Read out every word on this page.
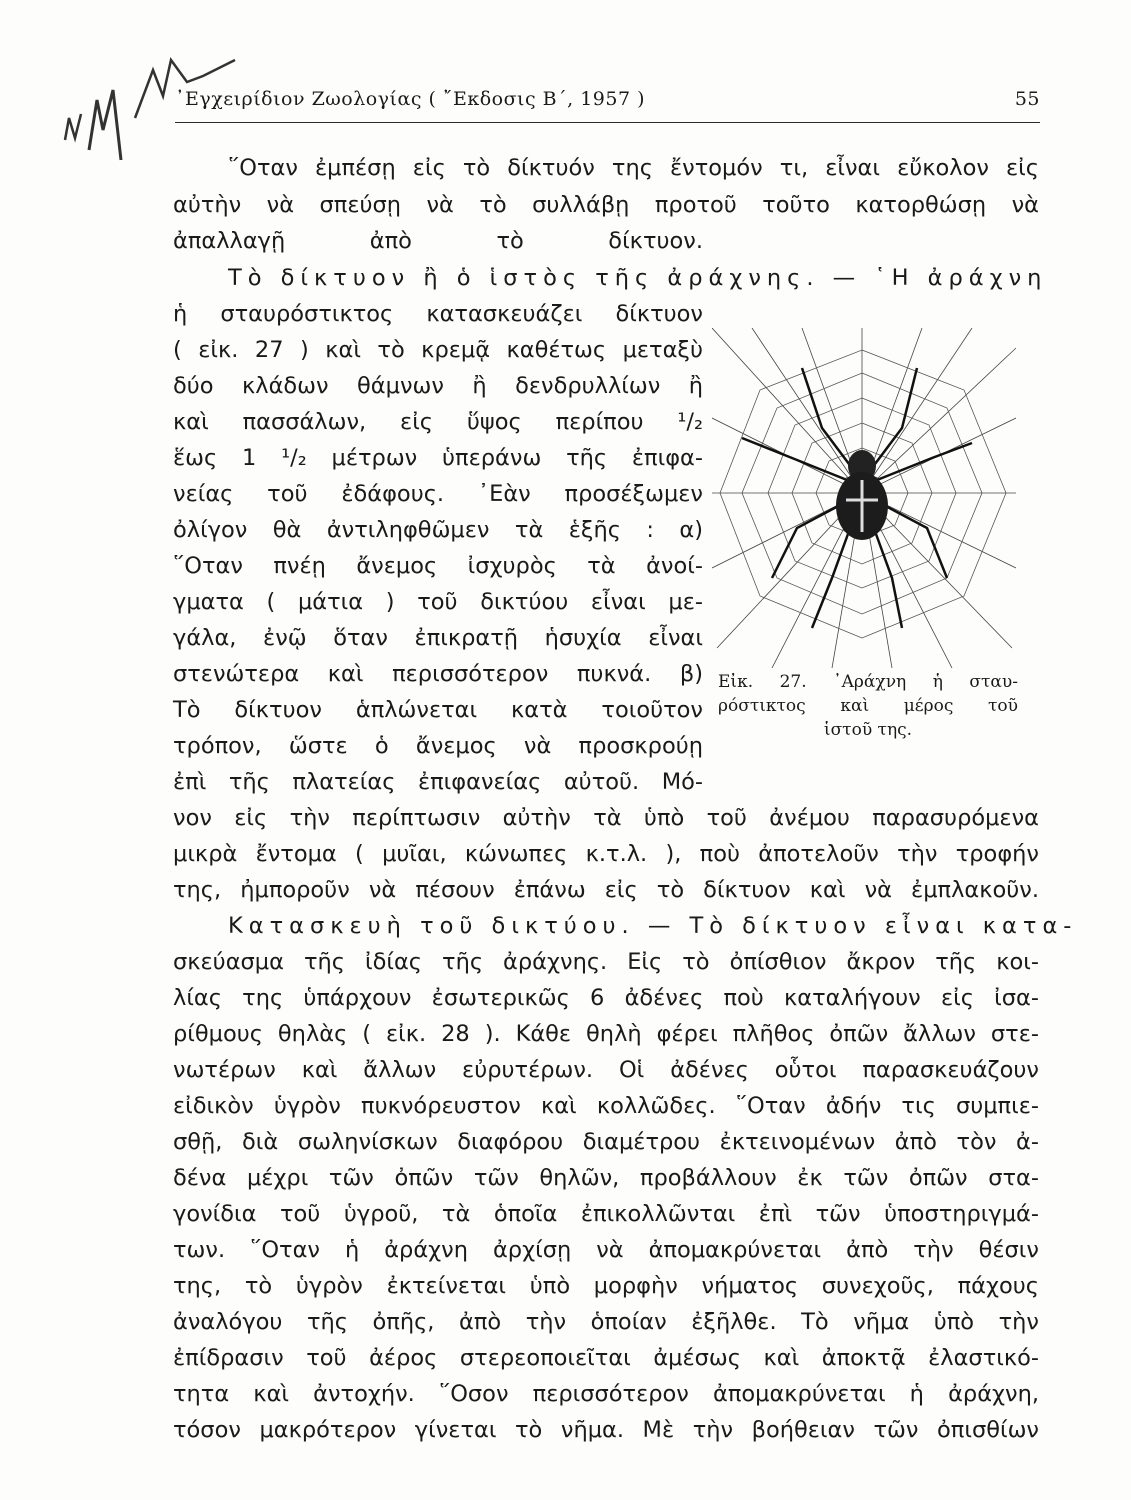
᾿Εγχειρίδιον Ζωολογίας ( ῎Εκδοσις Β΄, 1957 )	55
῞Οταν ἐμπέσῃ εἰς τὸ δίκτυόν της ἔντομόν τι, εἶναι εὔκολον εἰς
αὐτὴν νὰ σπεύσῃ νὰ τὸ συλλάβῃ προτοῦ τοῦτο κατορθώσῃ νὰ
ἀπαλλαγῇ ἀπὸ τὸ δίκτυον.
Τὸ δίκτυον ἢ ὁ ἱστὸς τῆς ἀράχνης. — ῾Η ἀράχνη
ἡ σταυρόστικτος κατασκευάζει δίκτυον
( εἰκ. 27 ) καὶ τὸ κρεμᾷ καθέτως μεταξὺ
δύο κλάδων θάμνων ἢ δενδρυλλίων ἢ
καὶ πασσάλων, εἰς ὕψος περίπου ¹/₂
ἕως 1 ¹/₂ μέτρων ὑπεράνω τῆς ἐπιφα-
νείας τοῦ ἐδάφους. ᾿Εὰν προσέξωμεν
ὀλίγον θὰ ἀντιληφθῶμεν τὰ ἑξῆς : α)
῞Οταν πνέῃ ἄνεμος ἰσχυρὸς τὰ ἀνοί-
γματα ( μάτια ) τοῦ δικτύου εἶναι με-
γάλα, ἐνῷ ὅταν ἐπικρατῇ ἡσυχία εἶναι
στενώτερα καὶ περισσότερον πυκνά. β)
Τὸ δίκτυον ἁπλώνεται κατὰ τοιοῦτον
τρόπον, ὥστε ὁ ἄνεμος νὰ προσκρούῃ
ἐπὶ τῆς πλατείας ἐπιφανείας αὐτοῦ. Μό-
νον εἰς τὴν περίπτωσιν αὐτὴν τὰ ὑπὸ τοῦ ἀνέμου παρασυρόμενα
μικρὰ ἔντομα ( μυῖαι, κώνωπες κ.τ.λ. ), ποὺ ἀποτελοῦν τὴν τροφήν
της, ἠμποροῦν νὰ πέσουν ἐπάνω εἰς τὸ δίκτυον καὶ νὰ ἐμπλακοῦν.
Κατασκευὴ τοῦ δικτύου. — Τὸ δίκτυον εἶναι κατα-
σκεύασμα τῆς ἰδίας τῆς ἀράχνης. Εἰς τὸ ὀπίσθιον ἄκρον τῆς κοι-
λίας της ὑπάρχουν ἐσωτερικῶς 6 ἀδένες ποὺ καταλήγουν εἰς ἰσα-
ρίθμους θηλὰς ( εἰκ. 28 ). Κάθε θηλὴ φέρει πλῆθος ὀπῶν ἄλλων στε-
νωτέρων καὶ ἄλλων εὐρυτέρων. Οἱ ἀδένες οὗτοι παρασκευάζουν
εἰδικὸν ὑγρὸν πυκνόρευστον καὶ κολλῶδες. ῞Οταν ἀδήν τις συμπιε-
σθῇ, διὰ σωληνίσκων διαφόρου διαμέτρου ἐκτεινομένων ἀπὸ τὸν ἀ-
δένα μέχρι τῶν ὀπῶν τῶν θηλῶν, προβάλλουν ἐκ τῶν ὀπῶν στα-
γονίδια τοῦ ὑγροῦ, τὰ ὁποῖα ἐπικολλῶνται ἐπὶ τῶν ὑποστηριγμά-
των. ῞Οταν ἡ ἀράχνη ἀρχίσῃ νὰ ἀπομακρύνεται ἀπὸ τὴν θέσιν
της, τὸ ὑγρὸν ἐκτείνεται ὑπὸ μορφὴν νήματος συνεχοῦς, πάχους
ἀναλόγου τῆς ὀπῆς, ἀπὸ τὴν ὁποίαν ἐξῆλθε. Τὸ νῆμα ὑπὸ τὴν
ἐπίδρασιν τοῦ ἀέρος στερεοποιεῖται ἀμέσως καὶ ἀποκτᾷ ἐλαστικό-
τητα καὶ ἀντοχήν. ῞Οσον περισσότερον ἀπομακρύνεται ἡ ἀράχνη,
τόσον μακρότερον γίνεται τὸ νῆμα. Μὲ τὴν βοήθειαν τῶν ὀπισθίων
Εἰκ. 27. ᾿Αράχνη ἡ σταυ-
ρόστικτος καὶ μέρος τοῦ
ἱστοῦ της.
